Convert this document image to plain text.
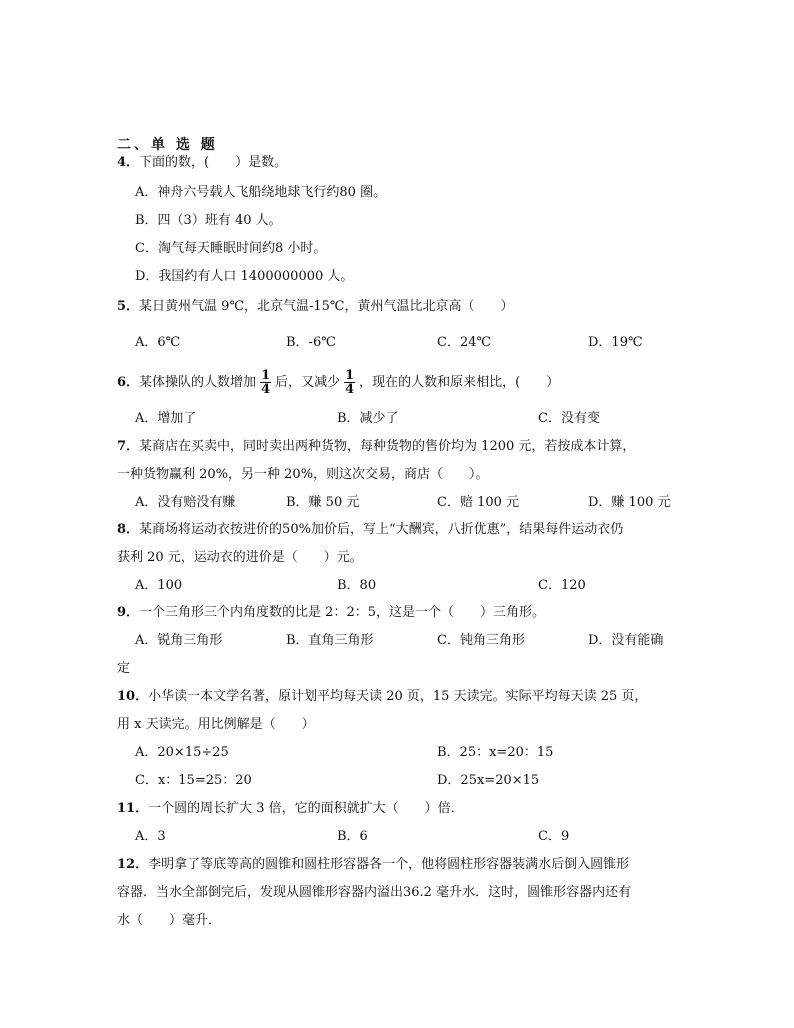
二、单 选 题
4．下面的数，(　　）是数。
A．神舟六号载人飞船绕地球飞行约80 圈。
B．四（3）班有 40 人。
C．淘气每天睡眠时间约8 小时。
D．我国约有人口 1400000000 人。
5．某日黄州气温 9℃，北京气温-15℃，黄州气温比北京高（　　）
A．6℃	B．-6℃	C．24℃	D．19℃
6．某体操队的人数增加 $\frac{1}{4}$ 后，又减少 $\frac{1}{4}$ ，现在的人数和原来相比，(　　）
A．增加了	B．减少了	C．没有变
7．某商店在买卖中，同时卖出两种货物，每种货物的售价均为 1200 元，若按成本计算，
一种货物赢利 20%，另一种 20%，则这次交易，商店（　　）。
A．没有赔没有赚	B．赚 50 元	C．赔 100 元	D．赚 100 元
8．某商场将运动衣按进价的50%加价后，写上“大酬宾，八折优惠”，结果每件运动衣仍
获利 20 元，运动衣的进价是（　　）元。
A．100	B．80	C．120
9．一个三角形三个内角度数的比是 2：2：5，这是一个（　　）三角形。
A．锐角三角形	B．直角三角形	C．钝角三角形	D．没有能确
定
10．小华读一本文学名著，原计划平均每天读 20 页，15 天读完。实际平均每天读 25 页，
用 x 天读完。用比例解是（　　）
A．20×15÷25	B．25：x=20：15
C．x：15=25：20	D．25x=20×15
11．一个圆的周长扩大 3 倍，它的面积就扩大（　　）倍．
A．3	B．6	C．9
12．李明拿了等底等高的圆锥和圆柱形容器各一个，他将圆柱形容器装满水后倒入圆锥形
容器．当水全部倒完后，发现从圆锥形容器内溢出36.2 毫升水．这时，圆锥形容器内还有
水（　　）毫升．
